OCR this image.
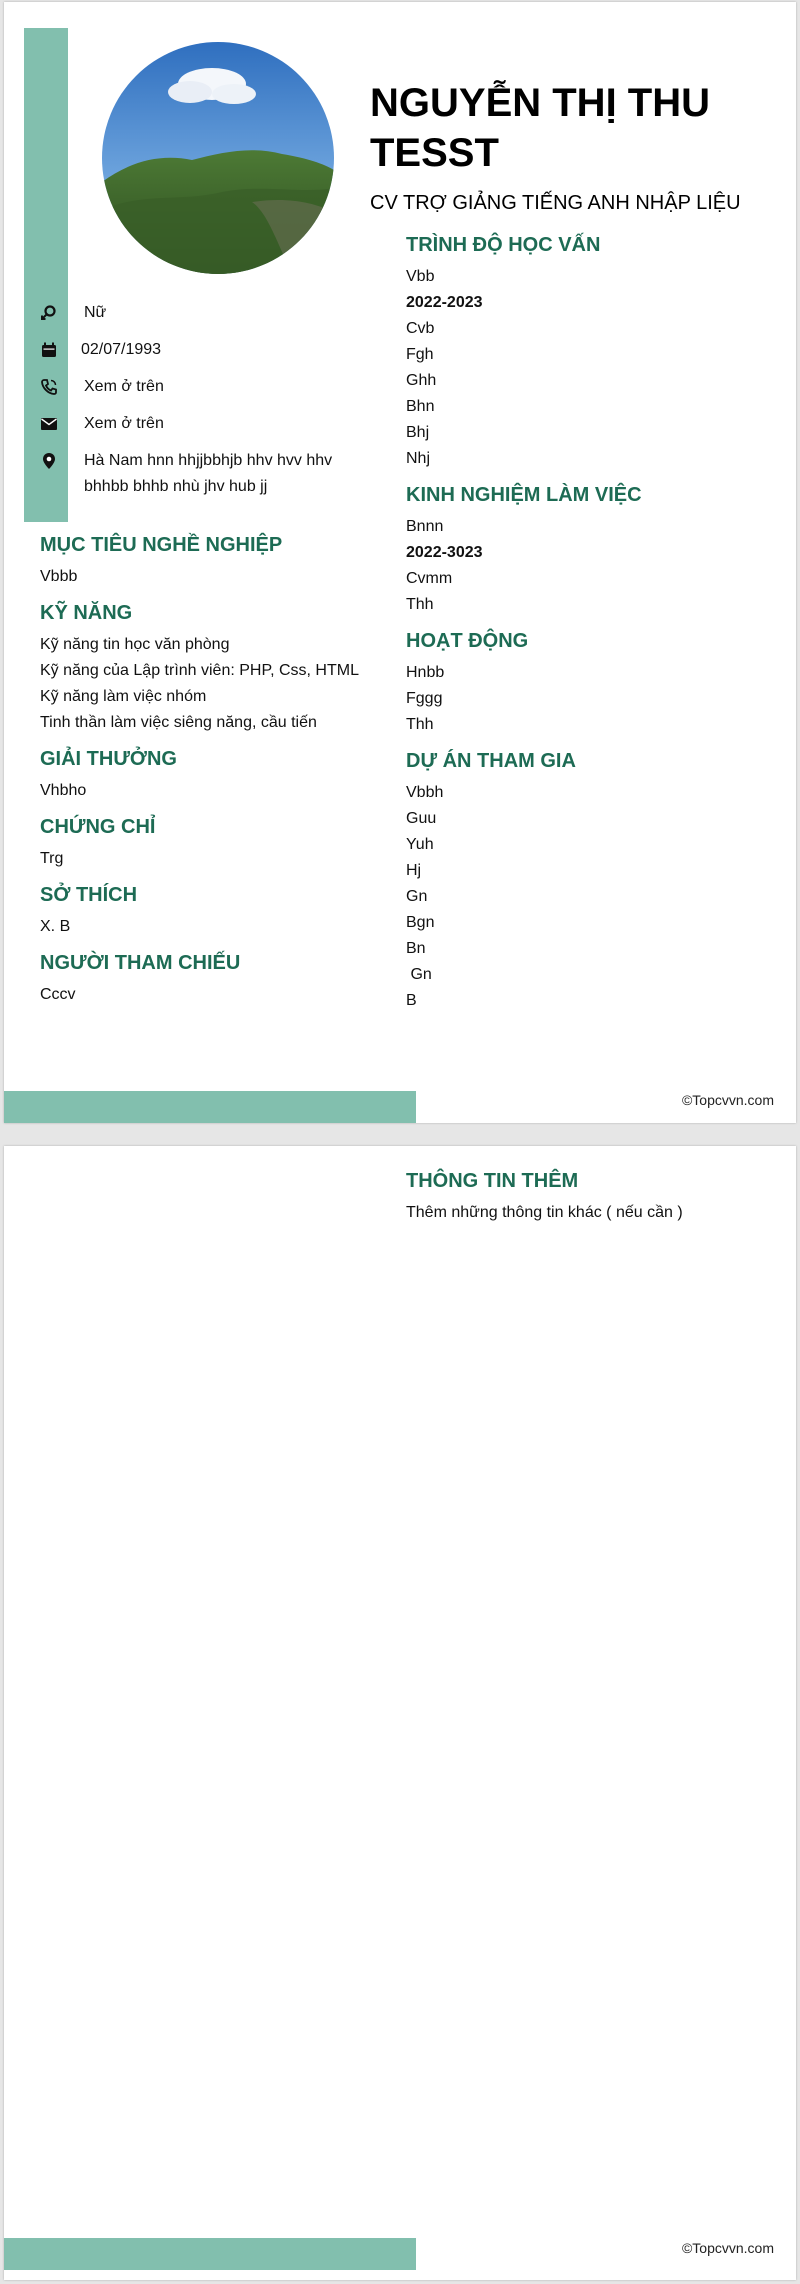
NGUYỄN THỊ THU TESST
CV TRỢ GIẢNG TIẾNG ANH NHẬP LIỆU
Nữ
02/07/1993
Xem ở trên
Xem ở trên
Hà Nam hnn hhjjbbhjb hhv hvv hhv bhhbb bhhb nhù jhv hub jj
MỤC TIÊU NGHỀ NGHIỆP
Vbbb
KỸ NĂNG
Kỹ năng tin học văn phòng
Kỹ năng của Lập trình viên: PHP, Css, HTML
Kỹ năng làm việc nhóm
Tinh thần làm việc siêng năng, cầu tiến
GIẢI THƯỞNG
Vhbho
CHỨNG CHỈ
Trg
SỞ THÍCH
X. B
NGƯỜI THAM CHIẾU
Cccv
TRÌNH ĐỘ HỌC VẤN
Vbb
2022-2023
Cvb
Fgh
Ghh
Bhn
Bhj
Nhj
KINH NGHIỆM LÀM VIỆC
Bnnn
2022-3023
Cvmm
Thh
HOẠT ĐỘNG
Hnbb
Fggg
Thh
DỰ ÁN THAM GIA
Vbbh
Guu
Yuh
Hj
Gn
Bgn
Bn
Gn
B
©Topcvvn.com
THÔNG TIN THÊM
Thêm những thông tin khác ( nếu cần )
©Topcvvn.com
